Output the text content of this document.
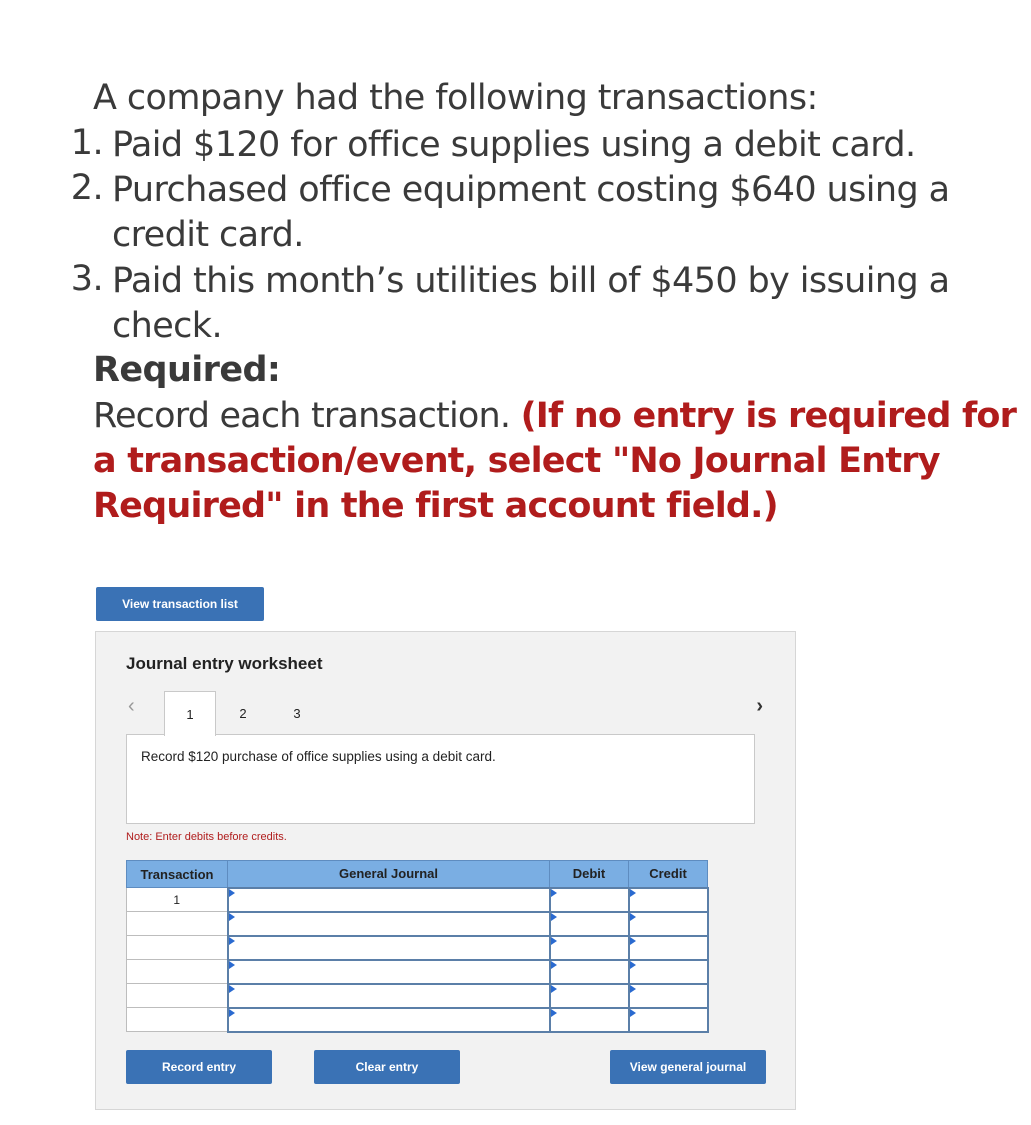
A company had the following transactions:
1. Paid $120 for office supplies using a debit card.
2. Purchased office equipment costing $640 using a credit card.
3. Paid this month’s utilities bill of $450 by issuing a check.
Required:
Record each transaction. (If no entry is required for a transaction/event, select "No Journal Entry Required" in the first account field.)
View transaction list
Journal entry worksheet
‹	›
1	2	3
Record $120 purchase of office supplies using a debit card.
Note: Enter debits before credits.
Transaction	General Journal	Debit	Credit
1			

Record entry	Clear entry	View general journal
